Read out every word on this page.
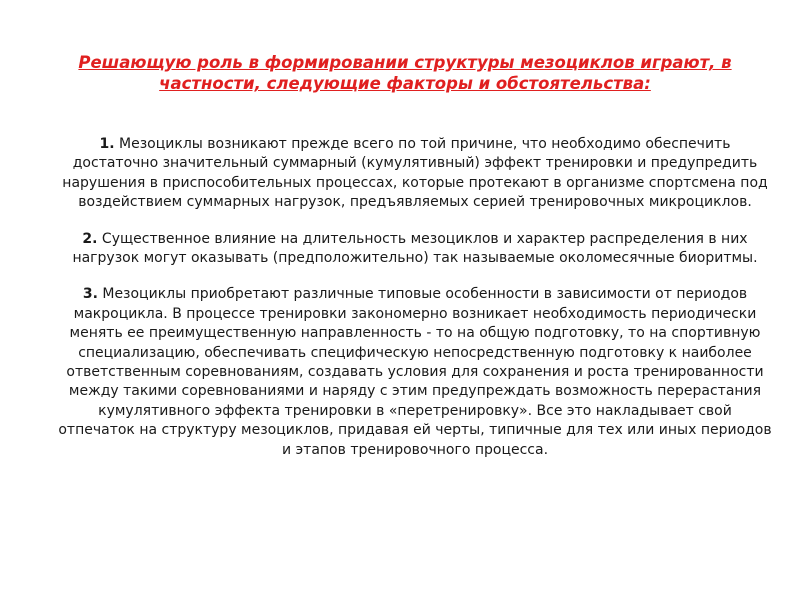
Решающую роль в формировании структуры мезоциклов играют, в частности, следующие факторы и обстоятельства:

1. Мезоциклы возникают прежде всего по той причине, что необходимо обеспечить достаточно значительный суммарный (кумулятивный) эффект тренировки и предупредить нарушения в приспособительных процессах, которые протекают в организме спортсмена под воздействием суммарных нагрузок, предъявляемых серией тренировочных микроциклов.

2. Существенное влияние на длительность мезоциклов и характер распределения в них нагрузок могут оказывать (предположительно) так называемые околомесячные биоритмы.

3. Мезоциклы приобретают различные типовые особенности в зависимости от периодов макроцикла. В процессе тренировки закономерно возникает необходимость периодически менять ее преимущественную направленность - то на общую подготовку, то на спортивную специализацию, обеспечивать специфическую непосредственную подготовку к наиболее ответственным соревнованиям, создавать условия для сохранения и роста тренированности между такими соревнованиями и наряду с этим предупреждать возможность перерастания кумулятивного эффекта тренировки в «перетренировку». Все это накладывает свой отпечаток на структуру мезоциклов, придавая ей черты, типичные для тех или иных периодов и этапов тренировочного процесса.
